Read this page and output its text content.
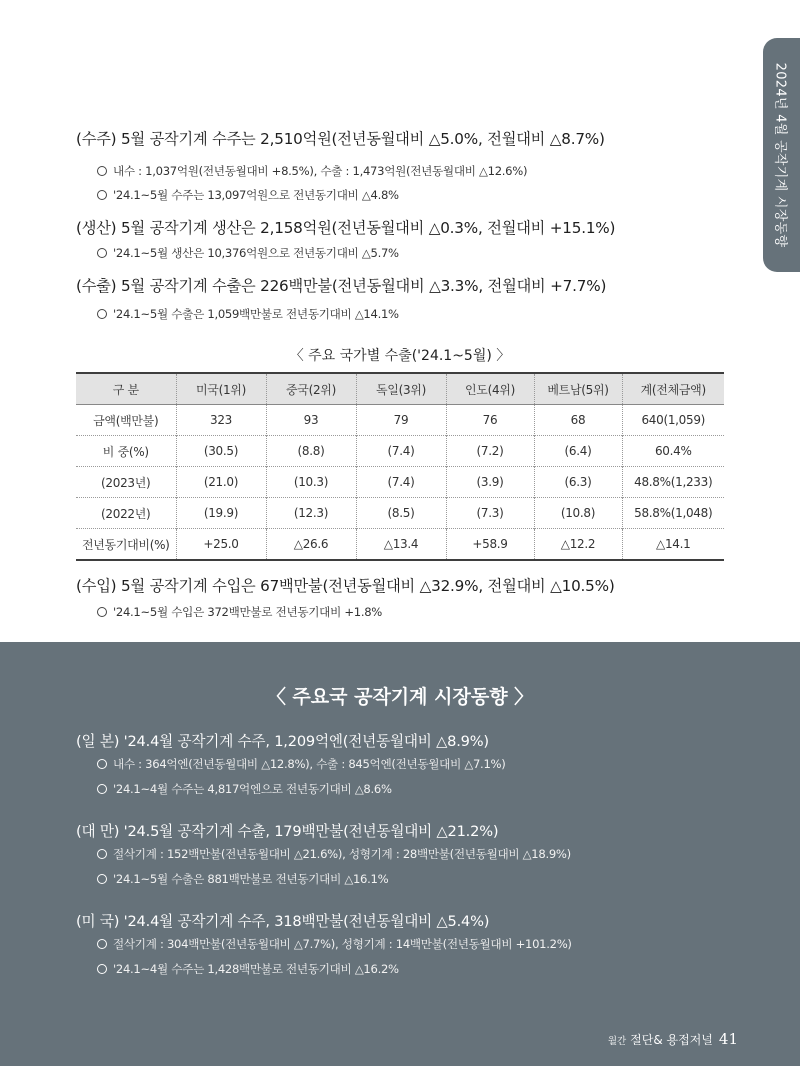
2024년 4월 공작기계 시장동향
(수주) 5월 공작기계 수주는 2,510억원(전년동월대비 △5.0%, 전월대비 △8.7%)
내수 : 1,037억원(전년동월대비 +8.5%), 수출 : 1,473억원(전년동월대비 △12.6%)
'24.1~5월 수주는 13,097억원으로 전년동기대비 △4.8%
(생산) 5월 공작기계 생산은 2,158억원(전년동월대비 △0.3%, 전월대비 +15.1%)
'24.1~5월 생산은 10,376억원으로 전년동기대비 △5.7%
(수출) 5월 공작기계 수출은 226백만불(전년동월대비 △3.3%, 전월대비 +7.7%)
'24.1~5월 수출은 1,059백만불로 전년동기대비 △14.1%
〈 주요 국가별 수출('24.1~5월) 〉
구 분	미국(1위)	중국(2위)	독일(3위)	인도(4위)	베트남(5위)	계(전체금액)
금액(백만불)	323	93	79	76	68	640(1,059)
비 중(%)	(30.5)	(8.8)	(7.4)	(7.2)	(6.4)	60.4%
(2023년)	(21.0)	(10.3)	(7.4)	(3.9)	(6.3)	48.8%(1,233)
(2022년)	(19.9)	(12.3)	(8.5)	(7.3)	(10.8)	58.8%(1,048)
전년동기대비(%)	+25.0	△26.6	△13.4	+58.9	△12.2	△14.1
(수입) 5월 공작기계 수입은 67백만불(전년동월대비 △32.9%, 전월대비 △10.5%)
'24.1~5월 수입은 372백만불로 전년동기대비 +1.8%
〈 주요국 공작기계 시장동향 〉
(일 본) '24.4월 공작기계 수주, 1,209억엔(전년동월대비 △8.9%)
내수 : 364억엔(전년동월대비 △12.8%), 수출 : 845억엔(전년동월대비 △7.1%)
'24.1~4월 수주는 4,817억엔으로 전년동기대비 △8.6%
(대 만) '24.5월 공작기계 수출, 179백만불(전년동월대비 △21.2%)
절삭기계 : 152백만불(전년동월대비 △21.6%), 성형기계 : 28백만불(전년동월대비 △18.9%)
'24.1~5월 수출은 881백만불로 전년동기대비 △16.1%
(미 국) '24.4월 공작기계 수주, 318백만불(전년동월대비 △5.4%)
절삭기계 : 304백만불(전년동월대비 △7.7%), 성형기계 : 14백만불(전년동월대비 +101.2%)
'24.1~4월 수주는 1,428백만불로 전년동기대비 △16.2%
월간 절단& 용접저널 41
